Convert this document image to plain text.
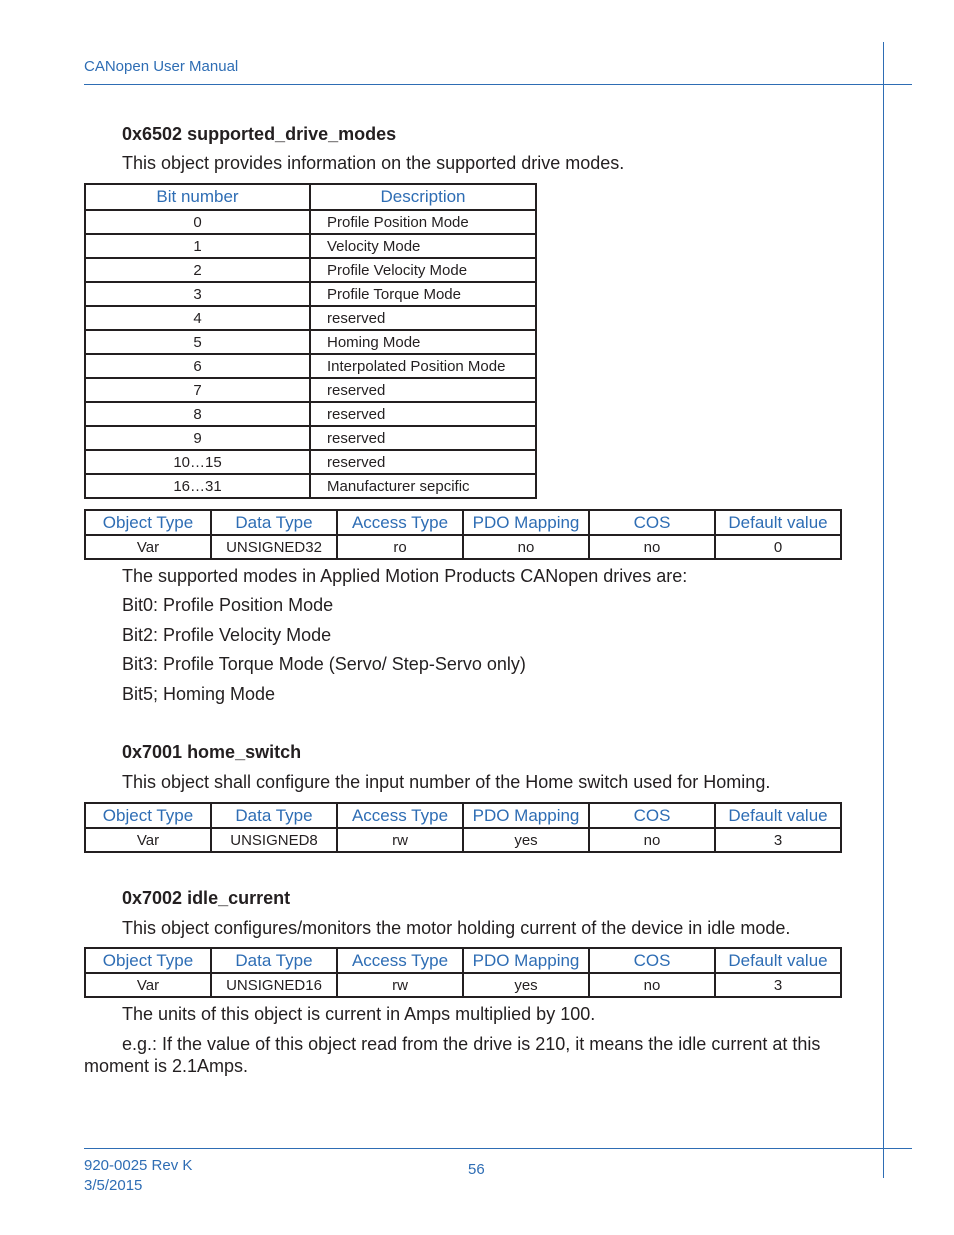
CANopen User Manual
0x6502 supported_drive_modes
This object provides information on the supported drive modes.
Bit number	Description
0	Profile Position Mode
1	Velocity Mode
2	Profile Velocity Mode
3	Profile Torque Mode
4	reserved
5	Homing Mode
6	Interpolated Position Mode
7	reserved
8	reserved
9	reserved
10…15	reserved
16…31	Manufacturer sepcific
Object Type	Data Type	Access Type	PDO Mapping	COS	Default value
Var	UNSIGNED32	ro	no	no	0
The supported modes in Applied Motion Products CANopen drives are:
Bit0: Profile Position Mode
Bit2: Profile Velocity Mode
Bit3: Profile Torque Mode (Servo/ Step-Servo only)
Bit5; Homing Mode
0x7001 home_switch
This object shall configure the input number of the Home switch used for Homing.
Object Type	Data Type	Access Type	PDO Mapping	COS	Default value
Var	UNSIGNED8	rw	yes	no	3
0x7002 idle_current
This object configures/monitors the motor holding current of the device in idle mode.
Object Type	Data Type	Access Type	PDO Mapping	COS	Default value
Var	UNSIGNED16	rw	yes	no	3
The units of this object is current in Amps multiplied by 100.
e.g.: If the value of this object read from the drive is 210, it means the idle current at this
moment is 2.1Amps.
920-0025 Rev K
3/5/2015
56
